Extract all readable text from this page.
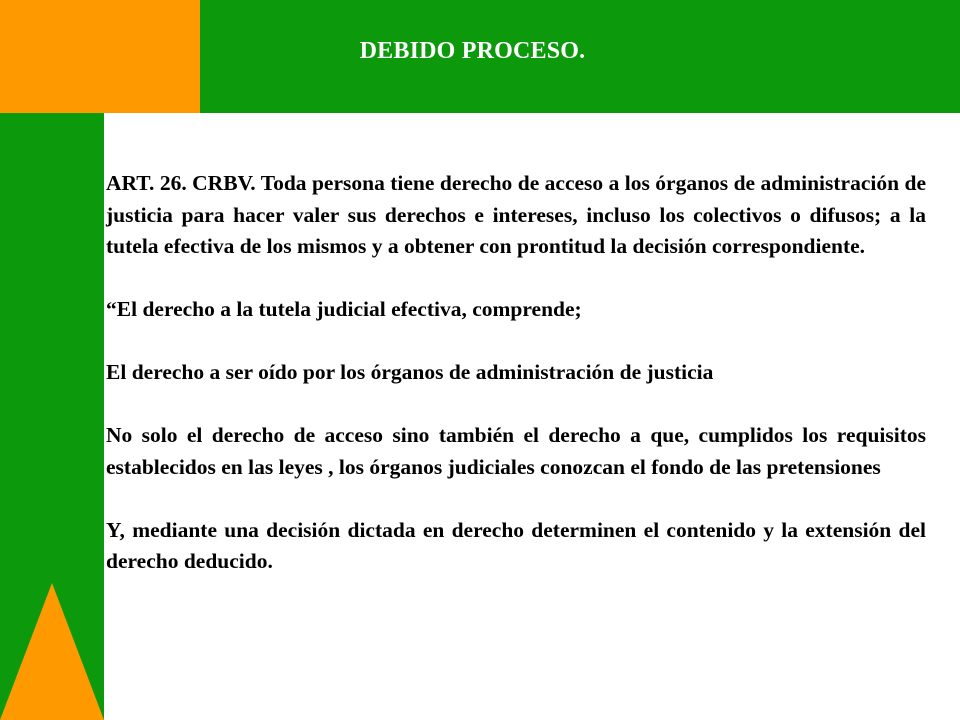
DEBIDO PROCESO.

ART. 26. CRBV. Toda persona tiene derecho de acceso a los órganos de administración de justicia para hacer valer sus derechos e intereses, incluso los colectivos o difusos; a la tutela efectiva de los mismos y a obtener con prontitud la decisión correspondiente.

“El derecho a la tutela judicial efectiva, comprende;

El derecho a ser oído por los órganos de administración de justicia

No solo el derecho de acceso sino también el derecho a que, cumplidos los requisitos establecidos en las leyes , los órganos judiciales conozcan el fondo de las pretensiones

Y, mediante una decisión dictada en derecho determinen el contenido y la extensión del derecho deducido.
